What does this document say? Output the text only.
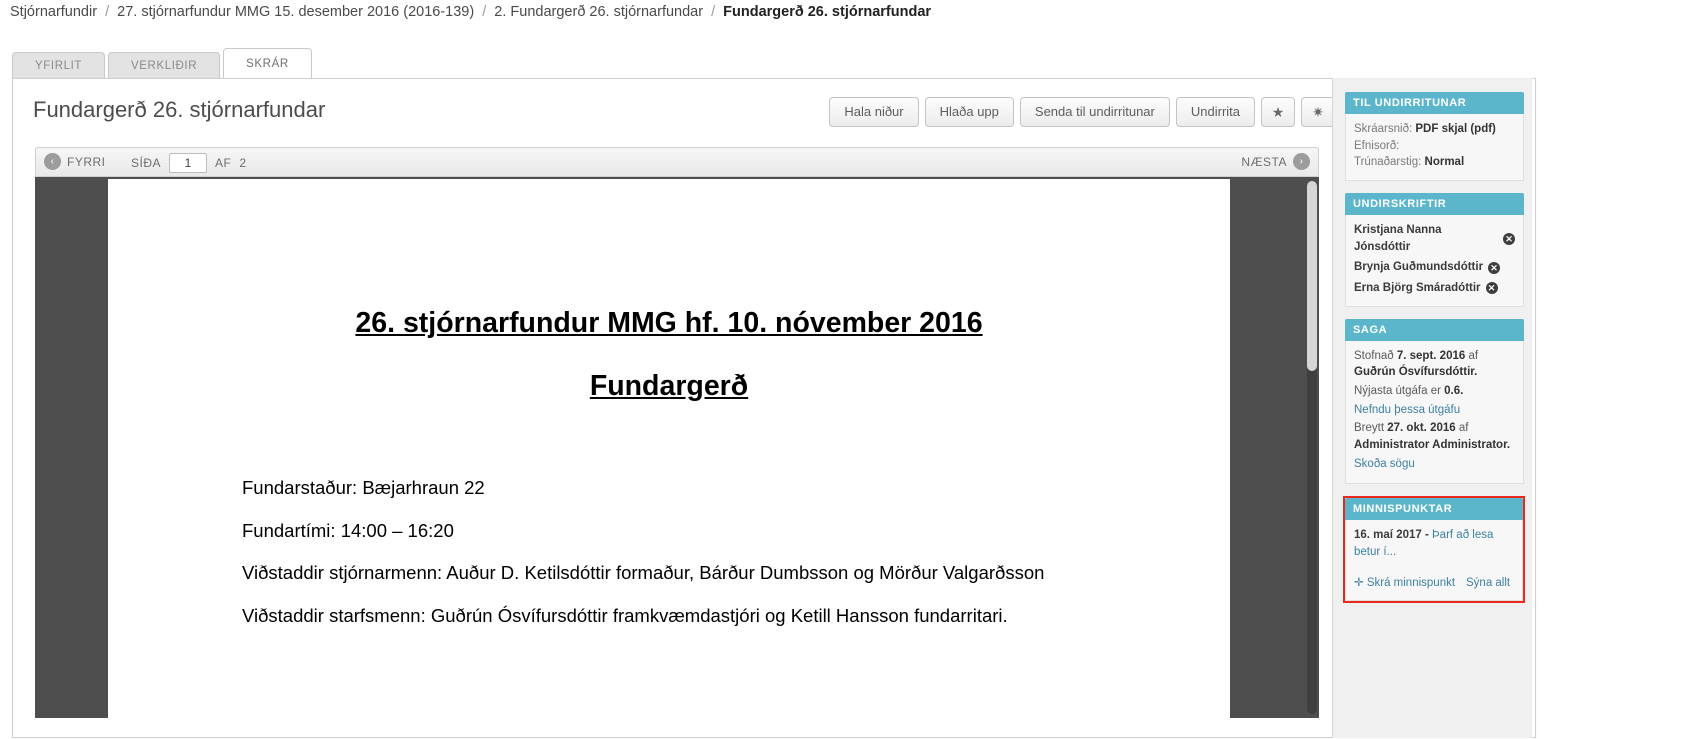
Stjórnarfundir / 27. stjórnarfundur MMG 15. desember 2016 (2016-139) / 2. Fundargerð 26. stjórnarfundar / Fundargerð 26. stjórnarfundar
YFIRLIT	VERKLIÐIR	SKRÁR
Fundargerð 26. stjórnarfundar	Hala niður	Hlaða upp	Senda til undirritunar	Undirrita	★	✷
‹	FYRRI SÍÐA
1	AF 2	NÆSTA	›
26. stjórnarfundur MMG hf. 10. nóvember 2016
Fundargerð

Fundarstaður: Bæjarhraun 22

Fundartími: 14:00 – 16:20

Viðstaddir stjórnarmenn: Auður D. Ketilsdóttir formaður, Bárður Dumbsson og Mörður Valgarðsson

Viðstaddir starfsmenn: Guðrún Ósvífursdóttir framkvæmdastjóri og Ketill Hansson fundarritari.

TIL UNDIRRITUNAR
Skráarsnið: PDF skjal (pdf)
Efnisorð:
Trúnaðarstig: Normal
UNDIRSKRIFTIR
Kristjana Nanna Jónsdóttir
✕
Brynja Guðmundsdóttir ✕
Erna Björg Smáradóttir ✕
SAGA
Stofnað 7. sept. 2016 af Guðrún Ósvífursdóttir.
Nýjasta útgáfa er 0.6.
Nefndu þessa útgáfu
Breytt 27. okt. 2016 af Administrator Administrator.
Skoða sögu
MINNISPUNKTAR
16. maí 2017 - Þarf að lesa betur í...
✛ Skrá minnispunkt Sýna allt
